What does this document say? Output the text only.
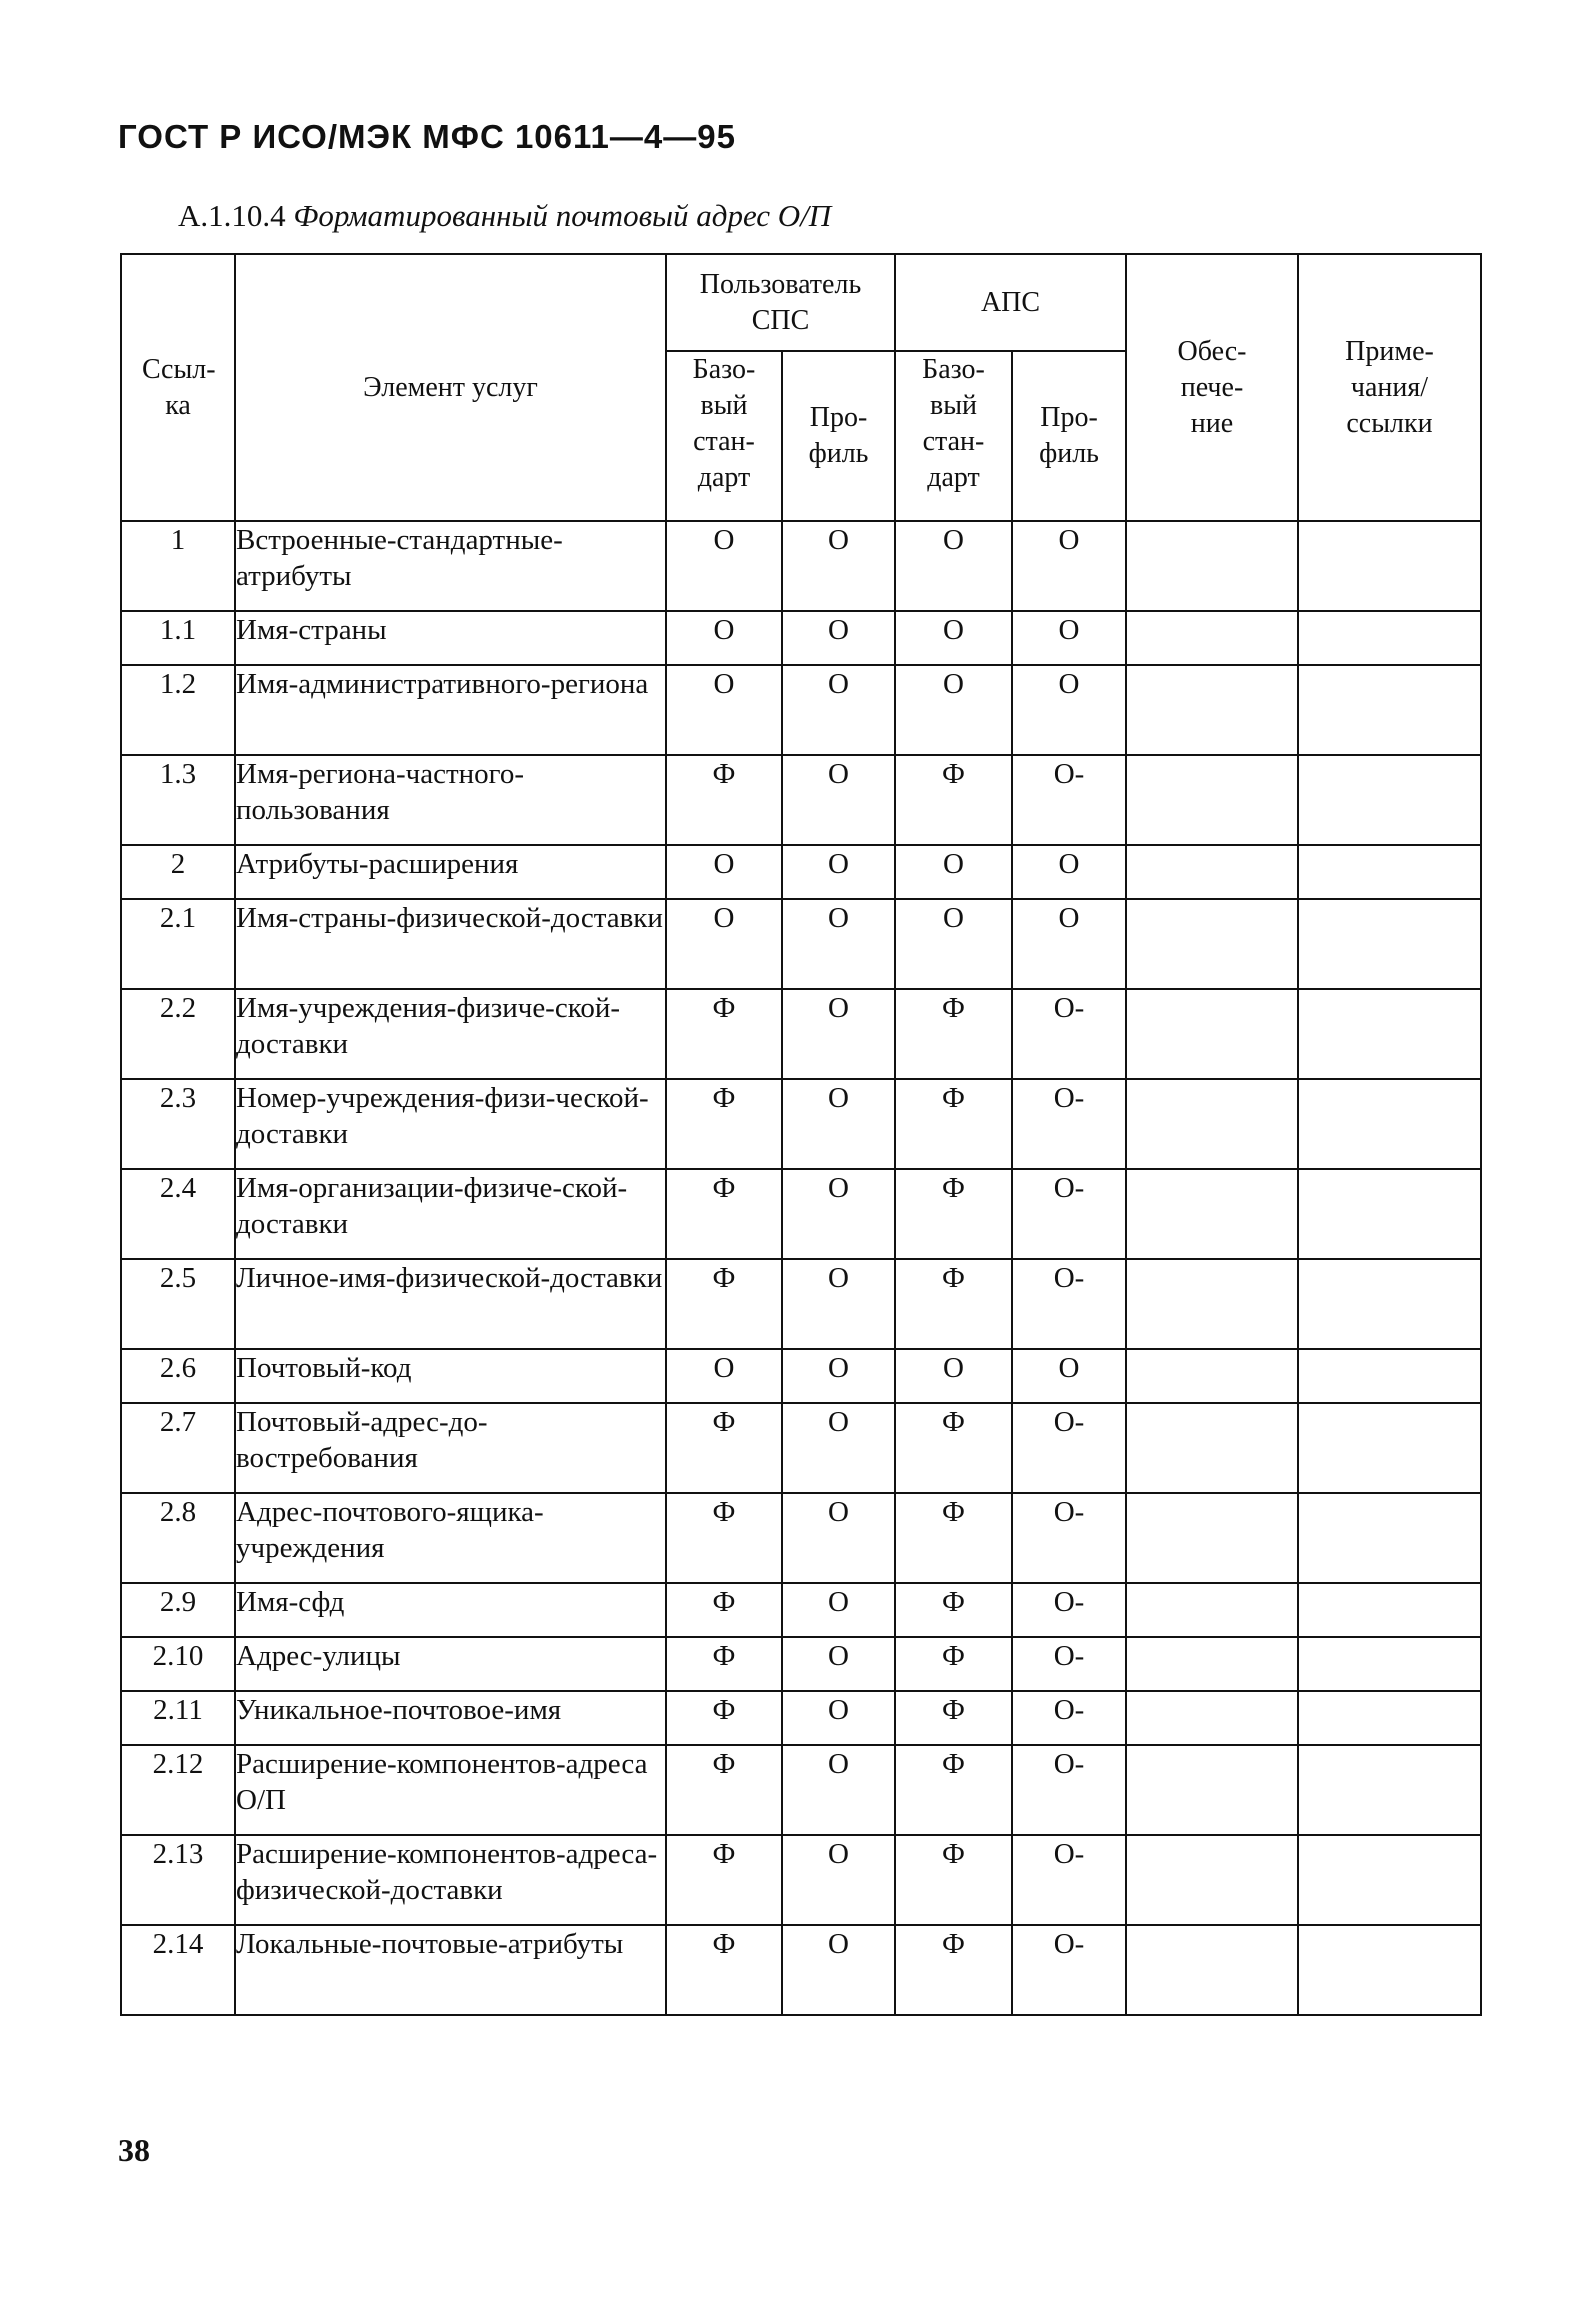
ГОСТ Р ИСО/МЭК МФС 10611—4—95
А.1.10.4 Форматированный почтовый адрес О/П
Ссыл-ка	Элемент услуг	Пользователь СПС		АПС		Обес-пече-ние	Приме-чания/ ссылки
		Базо-вый стан-дарт	Про-филь	Базо-вый стан-дарт	Про-филь		
1	Встроенные-стандартные-атрибуты	О	О	О	О		
1.1	Имя-страны	О	О	О	О		
1.2	Имя-административного-региона	О	О	О	О		
1.3	Имя-региона-частного-пользования	Ф	О	Ф	О-		
2	Атрибуты-расширения	О	О	О	О		
2.1	Имя-страны-физической-доставки	О	О	О	О		
2.2	Имя-учреждения-физиче-ской-доставки	Ф	О	Ф	О-		
2.3	Номер-учреждения-физи-ческой-доставки	Ф	О	Ф	О-		
2.4	Имя-организации-физиче-ской-доставки	Ф	О	Ф	О-		
2.5	Личное-имя-физической-доставки	Ф	О	Ф	О-		
2.6	Почтовый-код	О	О	О	О		
2.7	Почтовый-адрес-до-востребования	Ф	О	Ф	О-		
2.8	Адрес-почтового-ящика-учреждения	Ф	О	Ф	О-		
2.9	Имя-сфд	Ф	О	Ф	О-		
2.10	Адрес-улицы	Ф	О	Ф	О-		
2.11	Уникальное-почтовое-имя	Ф	О	Ф	О-		
2.12	Расширение-компонентов-адреса О/П	Ф	О	Ф	О-		
2.13	Расширение-компонентов-адреса-физической-доставки	Ф	О	Ф	О-		
2.14	Локальные-почтовые-атрибуты	Ф	О	Ф	О-		
38
